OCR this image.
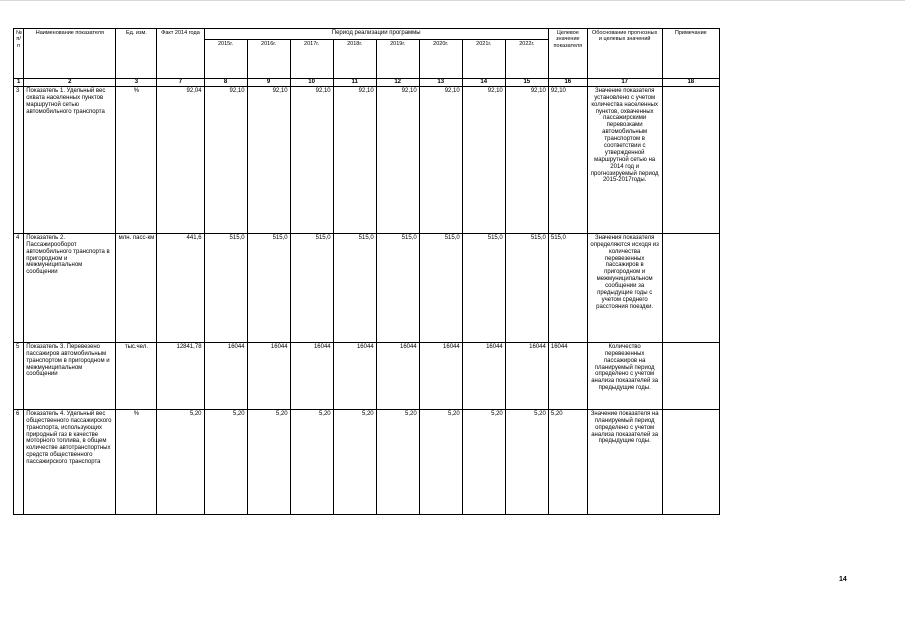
№ п/п	Наименование показателя	Ед. изм.	Факт 2014 года	Период реализации программы								Целевое значение показателя	Обоснование прогнозных и целевых значений	Примечание
				2015г.	2016г.	2017г.	2018г.	2019г.	2020г.	2021г.	2022г.			
1	2	3	7	8	9	10	11	12	13	14	15	16	17	18
3	Показатель 1. Удельный вес охвата населенных пунктов маршрутной сетью автомобильного транспорта	%	92,04	92,10	92,10	92,10	92,10	92,10	92,10	92,10	92,10	92,10	Значение показателя установлено с учетом количества населенных пунктов, охваченных пассажирскими перевозками автомобильным транспортом в соответствии с утвержденной маршрутной сетью на 2014 год и прогнозируемый период 2015-2017годы.	
4	Показатель 2. Пассажирооборот автомобильного транспорта в пригородном и межмуниципальном сообщении	млн. пасс-км	441,6	515,0	515,0	515,0	515,0	515,0	515,0	515,0	515,0	515,0	Значения показателя определяются исходя из количества перевезенных пассажиров в пригородном и межмуниципальном сообщении за предыдущие годы с учетом среднего расстояния поездки.	
5	Показатель 3. Перевезено пассажиров автомобильным транспортом в пригородном и межмуниципальном сообщении	тыс.чел.	12841,78	16044	16044	16044	16044	16044	16044	16044	16044	16044	Количество перевезенных пассажиров на планируемый период определено с учетом анализа показателей за предыдущие годы.	
6	Показатель 4. Удельный вес общественного пассажирского транспорта, использующих природный газ в качестве моторного топлива, в общем количестве автотранспортных средств общественного пассажирского транспорта	%	5,20	5,20	5,20	5,20	5,20	5,20	5,20	5,20	5,20	5,20	Значение показателя на планируемый период определено с учетом анализа показателей за предыдущие годы.	
14
